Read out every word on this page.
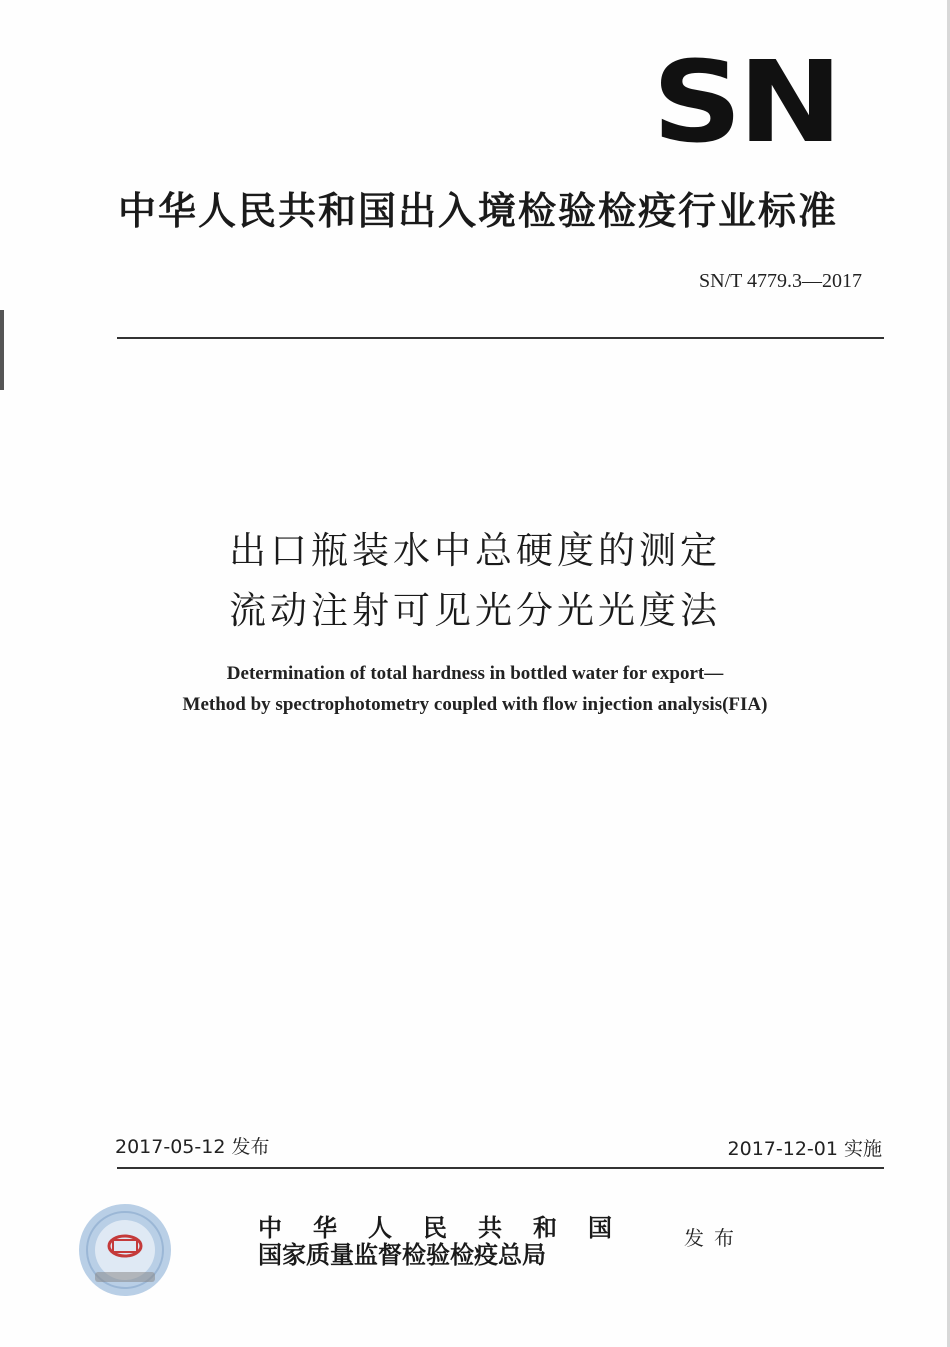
SN
中华人民共和国出入境检验检疫行业标准
SN/T 4779.3—2017
出口瓶装水中总硬度的测定
流动注射可见光分光光度法
Determination of total hardness in bottled water for export—
Method by spectrophotometry coupled with flow injection analysis(FIA)
2017-05-12 发布	2017-12-01 实施
中华人民共和国
国家质量监督检验检疫总局
发布
